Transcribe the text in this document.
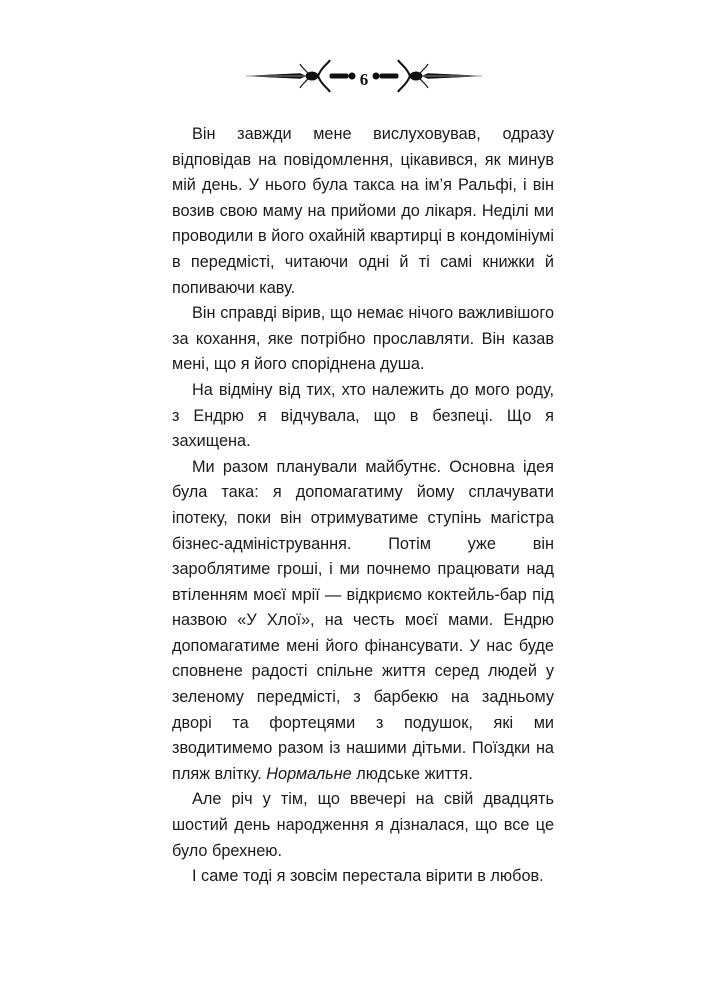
6

Він завжди мене вислуховував, одразу відповідав на повідомлення, цікавився, як минув мій день. У нього була такса на ім’я Ральфі, і він возив свою маму на прийоми до лікаря. Неділі ми проводили в його охайній квартирці в кондомініумі в передмісті, читаючи одні й ті самі книжки й попиваючи каву.

Він справді вірив, що немає нічого важливішого за кохання, яке потрібно прославляти. Він казав мені, що я його споріднена душа.

На відміну від тих, хто належить до мого роду, з Ендрю я відчувала, що в безпеці. Що я захищена.

Ми разом планували майбутнє. Основна ідея була така: я допомагатиму йому сплачувати іпотеку, поки він отримуватиме ступінь магістра бізнес-адміністрування. Потім уже він зароблятиме гроші, і ми почнемо працювати над втіленням моєї мрії — відкриємо коктейль-бар під назвою «У Хлої», на честь моєї мами. Ендрю допомагатиме мені його фінансувати. У нас буде сповнене радості спільне життя серед людей у зеленому передмісті, з барбекю на задньому дворі та фортецями з подушок, які ми зводитимемо разом із нашими дітьми. Поїздки на пляж влітку. Нормальне людське життя.

Але річ у тім, що ввечері на свій двадцять шостий день народження я дізналася, що все це було брехнею.

І саме тоді я зовсім перестала вірити в любов.
